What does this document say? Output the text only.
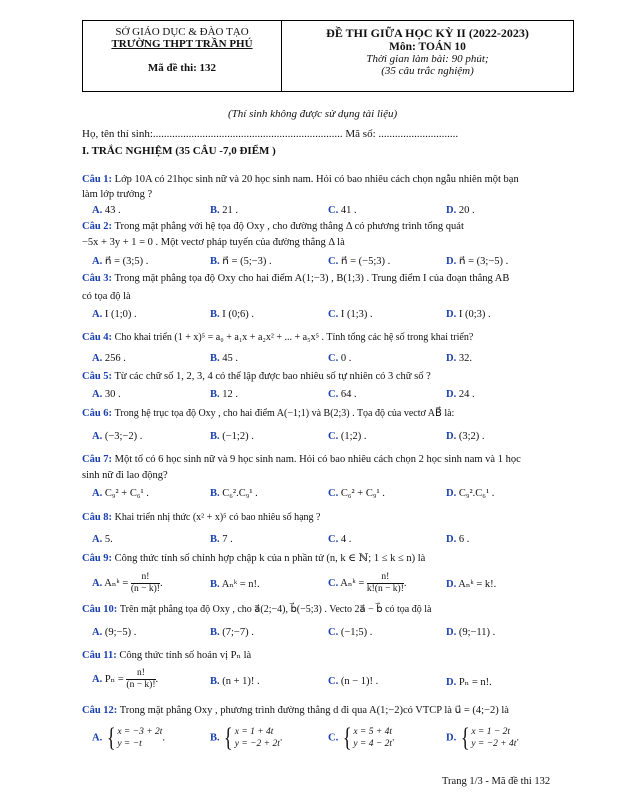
SỞ GIÁO DỤC & ĐÀO TẠO
TRƯỜNG THPT TRẦN PHÚ
Mã đề thi: 132
ĐỀ THI GIỮA HỌC KỲ II (2022-2023)
Môn: TOÁN 10
Thời gian làm bài: 90 phút;
(35 câu trắc nghiệm)
(Thí sinh không được sử dụng tài liệu)
Họ, tên thí sinh:..................................................................... Mã số: .............................
I. TRẮC NGHIỆM (35 CÂU -7,0 ĐIỂM )
Câu 1: Lớp 10A có 21học sinh nữ và 20 học sinh nam. Hỏi có bao nhiêu cách chọn ngẫu nhiên một bạn
làm lớp trưởng ?
A. 43 .	B. 21 .	C. 41 .	D. 20 .
Câu 2: Trong mặt phẳng với hệ tọa độ Oxy , cho đường thẳng Δ có phương trình tổng quát
−5x + 3y + 1 = 0 . Một vectơ pháp tuyến của đường thẳng Δ là
A. n⃗ = (3;5) .	B. n⃗ = (5;−3) .	C. n⃗ = (−5;3) .	D. n⃗ = (3;−5) .
Câu 3: Trong mặt phẳng tọa độ Oxy cho hai điểm A(1;−3) , B(1;3) . Trung điểm I của đoạn thẳng AB
có tọa độ là
A. I (1;0) .	B. I (0;6) .	C. I (1;3) .	D. I (0;3) .
Câu 4: Cho khai triển (1 + x)⁵ = a₀ + a₁x + a₂x² + ... + a₅x⁵ . Tính tổng các hệ số trong khai triển?
A. 256 .	B. 45 .	C. 0 .	D. 32.
Câu 5: Từ các chữ số 1, 2, 3, 4 có thể lập được bao nhiêu số tự nhiên có 3 chữ số ?
A. 30 .	B. 12 .	C. 64 .	D. 24 .
Câu 6: Trong hệ trục tọa độ Oxy , cho hai điểm A(−1;1) và B(2;3) . Tọa độ của vectơ AB⃗ là:
A. (−3;−2) .	B. (−1;2) .	C. (1;2) .	D. (3;2) .
Câu 7: Một tổ có 6 học sinh nữ và 9 học sinh nam. Hỏi có bao nhiêu cách chọn 2 học sinh nam và 1 học
sinh nữ đi lao động?
A. C₉² + C₆¹ .	B. C₆².C₉¹ .	C. C₆² + C₉¹ .	D. C₉².C₆¹ .
Câu 8: Khai triển nhị thức (x² + x)⁵ có bao nhiêu số hạng ?
A. 5.	B. 7 .	C. 4 .	D. 6 .
Câu 9: Công thức tính số chỉnh hợp chập k của n phần tử (n, k ∈ ℕ; 1 ≤ k ≤ n) là
A. Aₙᵏ = $\frac{n!}{(n - k)!}$ .	B. Aₙᵏ = n!.	C. Aₙᵏ = $\frac{n!}{k!(n - k)!}$ .	D. Aₙᵏ = k!.
Câu 10: Trên mặt phẳng tọa độ Oxy , cho a⃗(2;−4), b⃗(−5;3) . Vecto 2a⃗ − b⃗ có tọa độ là
A. (9;−5) .	B. (7;−7) .	C. (−1;5) .	D. (9;−11) .
Câu 11: Công thức tính số hoán vị Pₙ là
A. $P_n = \frac{n!}{(n - k)!}$ .	B. (n + 1)! .	C. (n − 1)! .	D. Pₙ = n!.
Câu 12: Trong mặt phẳng Oxy , phương trình đường thẳng d đi qua A(1;−2)có VTCP là u⃗ = (4;−2) là
A. { x = −3 + 2t
y = −t
.	B. { x = 1 + 4t
y = −2 + 2t
.	C. { x = 5 + 4t
y = 4 − 2t
.	D. { x = 1 − 2t
y = −2 + 4t
.
Trang 1/3 - Mã đề thi 132
